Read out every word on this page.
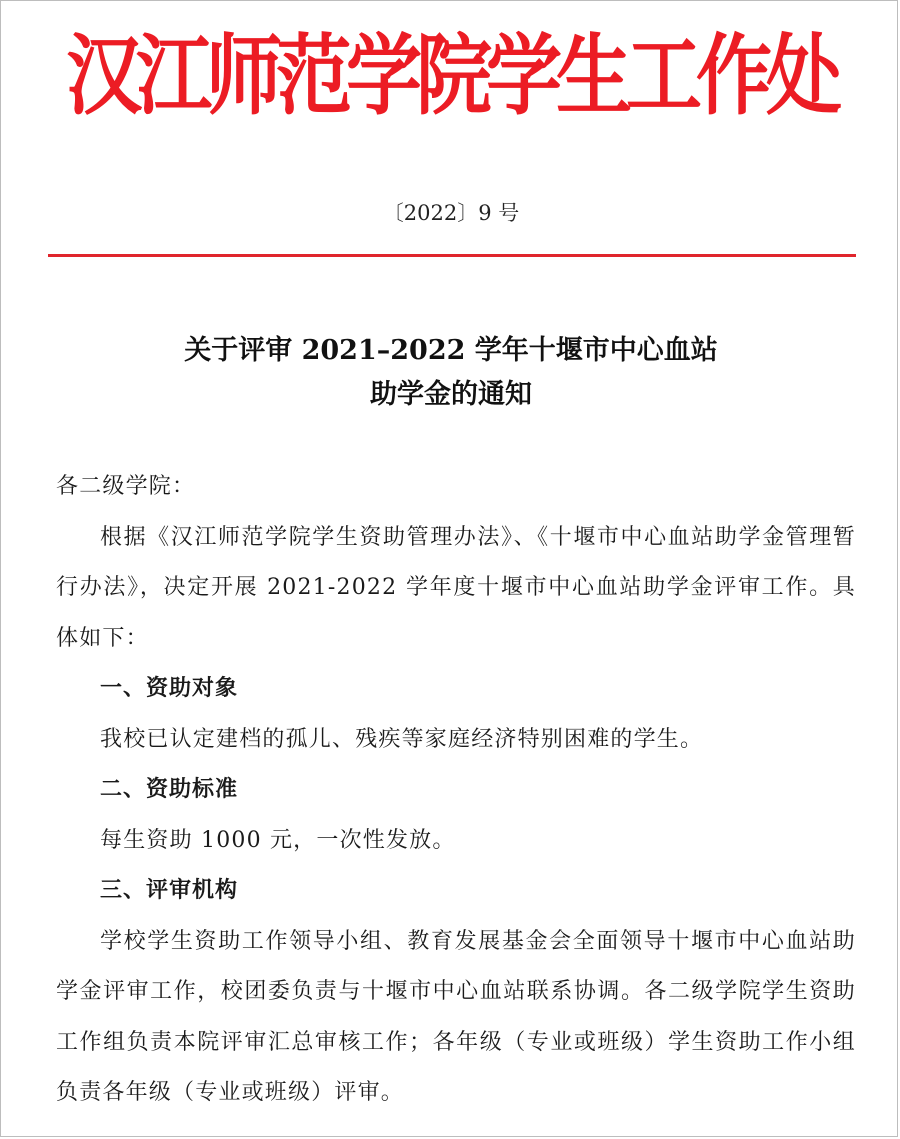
汉江师范学院学生工作处
〔2022〕9 号
关于评审 2021–2022 学年十堰市中心血站
助学金的通知

各二级学院：

根据《汉江师范学院学生资助管理办法》、《十堰市中心血站助学金管理暂行办法》，决定开展 2021-2022 学年度十堰市中心血站助学金评审工作。具体如下：

一、资助对象

我校已认定建档的孤儿、残疾等家庭经济特别困难的学生。

二、资助标准

每生资助 1000 元，一次性发放。

三、评审机构

学校学生资助工作领导小组、教育发展基金会全面领导十堰市中心血站助学金评审工作，校团委负责与十堰市中心血站联系协调。各二级学院学生资助工作组负责本院评审汇总审核工作；各年级（专业或班级）学生资助工作小组负责各年级（专业或班级）评审。
